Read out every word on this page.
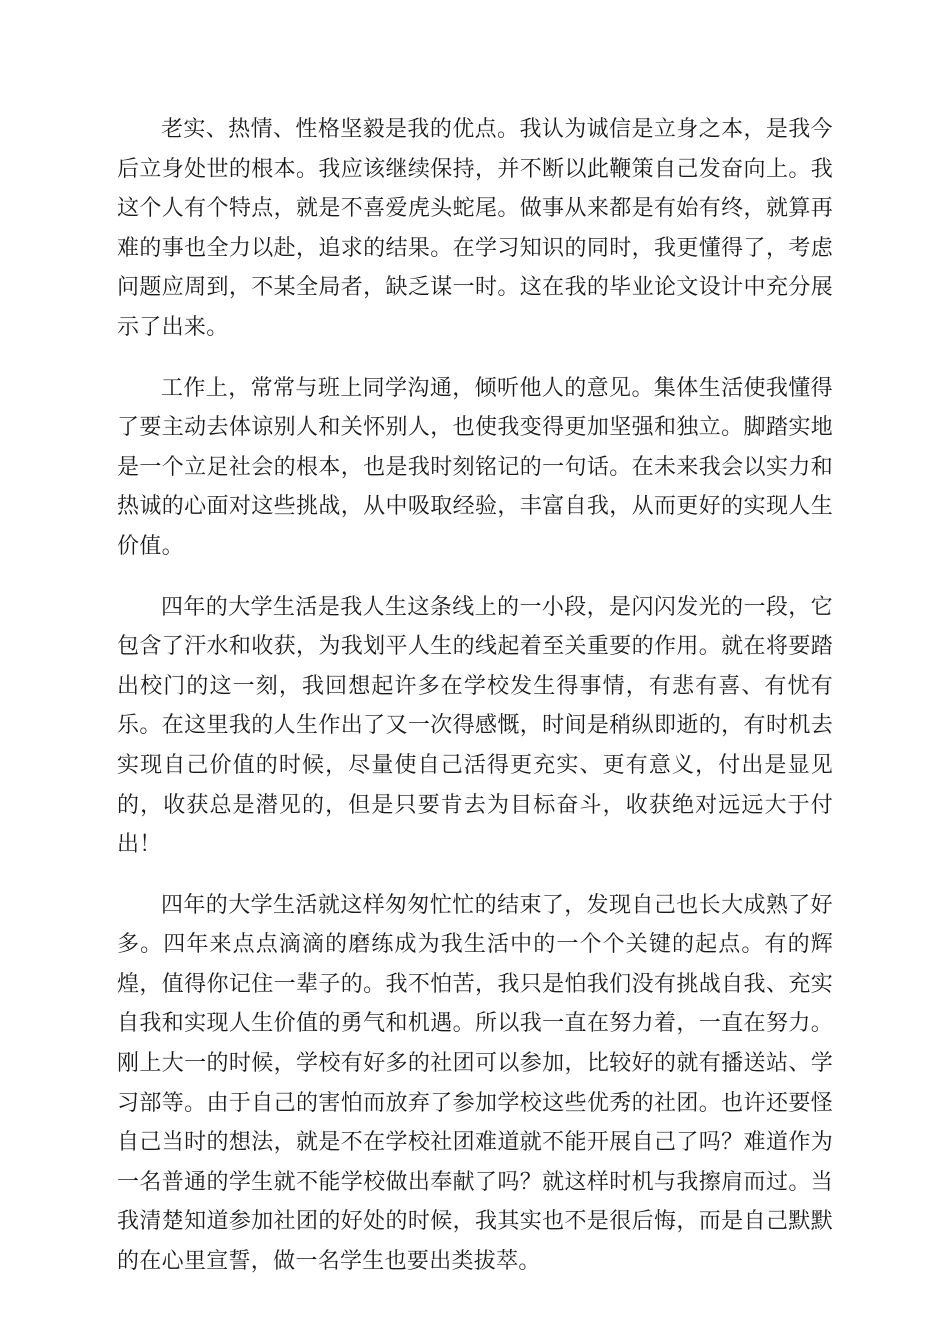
老实、热情、性格坚毅是我的优点。我认为诚信是立身之本，是我今后立身处世的根本。我应该继续保持，并不断以此鞭策自己发奋向上。我这个人有个特点，就是不喜爱虎头蛇尾。做事从来都是有始有终，就算再难的事也全力以赴，追求的结果。在学习知识的同时，我更懂得了，考虑问题应周到，不某全局者，缺乏谋一时。这在我的毕业论文设计中充分展示了出来。

工作上，常常与班上同学沟通，倾听他人的意见。集体生活使我懂得了要主动去体谅别人和关怀别人，也使我变得更加坚强和独立。脚踏实地是一个立足社会的根本，也是我时刻铭记的一句话。在未来我会以实力和热诚的心面对这些挑战，从中吸取经验，丰富自我，从而更好的实现人生价值。

四年的大学生活是我人生这条线上的一小段，是闪闪发光的一段，它包含了汗水和收获，为我划平人生的线起着至关重要的作用。就在将要踏出校门的这一刻，我回想起许多在学校发生得事情，有悲有喜、有忧有乐。在这里我的人生作出了又一次得感慨，时间是稍纵即逝的，有时机去实现自己价值的时候，尽量使自己活得更充实、更有意义，付出是显见的，收获总是潜见的，但是只要肯去为目标奋斗，收获绝对远远大于付出！

四年的大学生活就这样匆匆忙忙的结束了，发现自己也长大成熟了好多。四年来点点滴滴的磨练成为我生活中的一个个关键的起点。有的辉煌，值得你记住一辈子的。我不怕苦，我只是怕我们没有挑战自我、充实自我和实现人生价值的勇气和机遇。所以我一直在努力着，一直在努力。刚上大一的时候，学校有好多的社团可以参加，比较好的就有播送站、学习部等。由于自己的害怕而放弃了参加学校这些优秀的社团。也许还要怪自己当时的想法，就是不在学校社团难道就不能开展自己了吗？难道作为一名普通的学生就不能学校做出奉献了吗？就这样时机与我擦肩而过。当我清楚知道参加社团的好处的时候，我其实也不是很后悔，而是自己默默的在心里宣誓，做一名学生也要出类拔萃。
